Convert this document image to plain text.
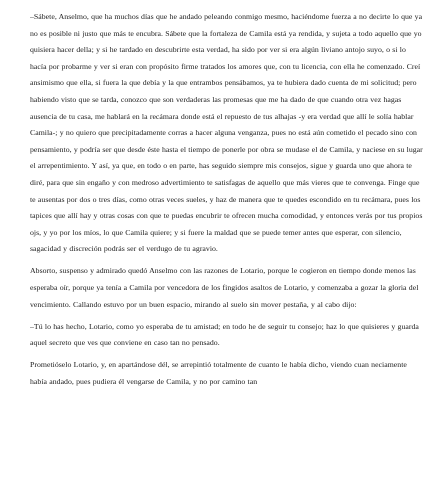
–Sábete, Anselmo, que ha muchos días que he andado peleando conmigo mesmo, haciéndome fuerza a no decirte lo que ya no es posible ni justo que más te encubra. Sábete que la fortaleza de Camila está ya rendida, y sujeta a todo aquello que yo quisiera hacer della; y si he tardado en descubrirte esta verdad, ha sido por ver si era algún liviano antojo suyo, o si lo hacía por probarme y ver si eran con propósito firme tratados los amores que, con tu licencia, con ella he comenzado. Creí ansimismo que ella, si fuera la que debía y la que entrambos pensábamos, ya te hubiera dado cuenta de mi solicitud; pero habiendo visto que se tarda, conozco que son verdaderas las promesas que me ha dado de que cuando otra vez hagas ausencia de tu casa, me hablará en la recámara donde está el repuesto de tus alhajas -y era verdad que allí le solía hablar Camila-; y no quiero que precipitadamente corras a hacer alguna venganza, pues no está aún cometido el pecado sino con pensamiento, y podría ser que desde éste hasta el tiempo de ponerle por obra se mudase el de Camila, y naciese en su lugar el arrepentimiento. Y así, ya que, en todo o en parte, has seguido siempre mis consejos, sigue y guarda uno que ahora te diré, para que sin engaño y con medroso advertimiento te satisfagas de aquello que más vieres que te convenga. Finge que te ausentas por dos o tres días, como otras veces sueles, y haz de manera que te quedes escondido en tu recámara, pues los tapices que allí hay y otras cosas con que te puedas encubrir te ofrecen mucha comodidad, y entonces verás por tus propios ojs, y yo por los míos, lo que Camila quiere; y si fuere la maldad que se puede temer antes que esperar, con silencio, sagacidad y discreción podrás ser el verdugo de tu agravio.

Absorto, suspenso y admirado quedó Anselmo con las razones de Lotario, porque le cogieron en tiempo donde menos las esperaba oír, porque ya tenía a Camila por vencedora de los fingidos asaltos de Lotario, y comenzaba a gozar la gloria del vencimiento. Callando estuvo por un buen espacio, mirando al suelo sin mover pestaña, y al cabo dijo:

–Tú lo has hecho, Lotario, como yo esperaba de tu amistad; en todo he de seguir tu consejo; haz lo que quisieres y guarda aquel secreto que ves que conviene en caso tan no pensado.

Prometióselo Lotario, y, en apartándose dél, se arrepintió totalmente de cuanto le había dicho, viendo cuan neciamente había andado, pues pudiera él vengarse de Camila, y no por camino tan
